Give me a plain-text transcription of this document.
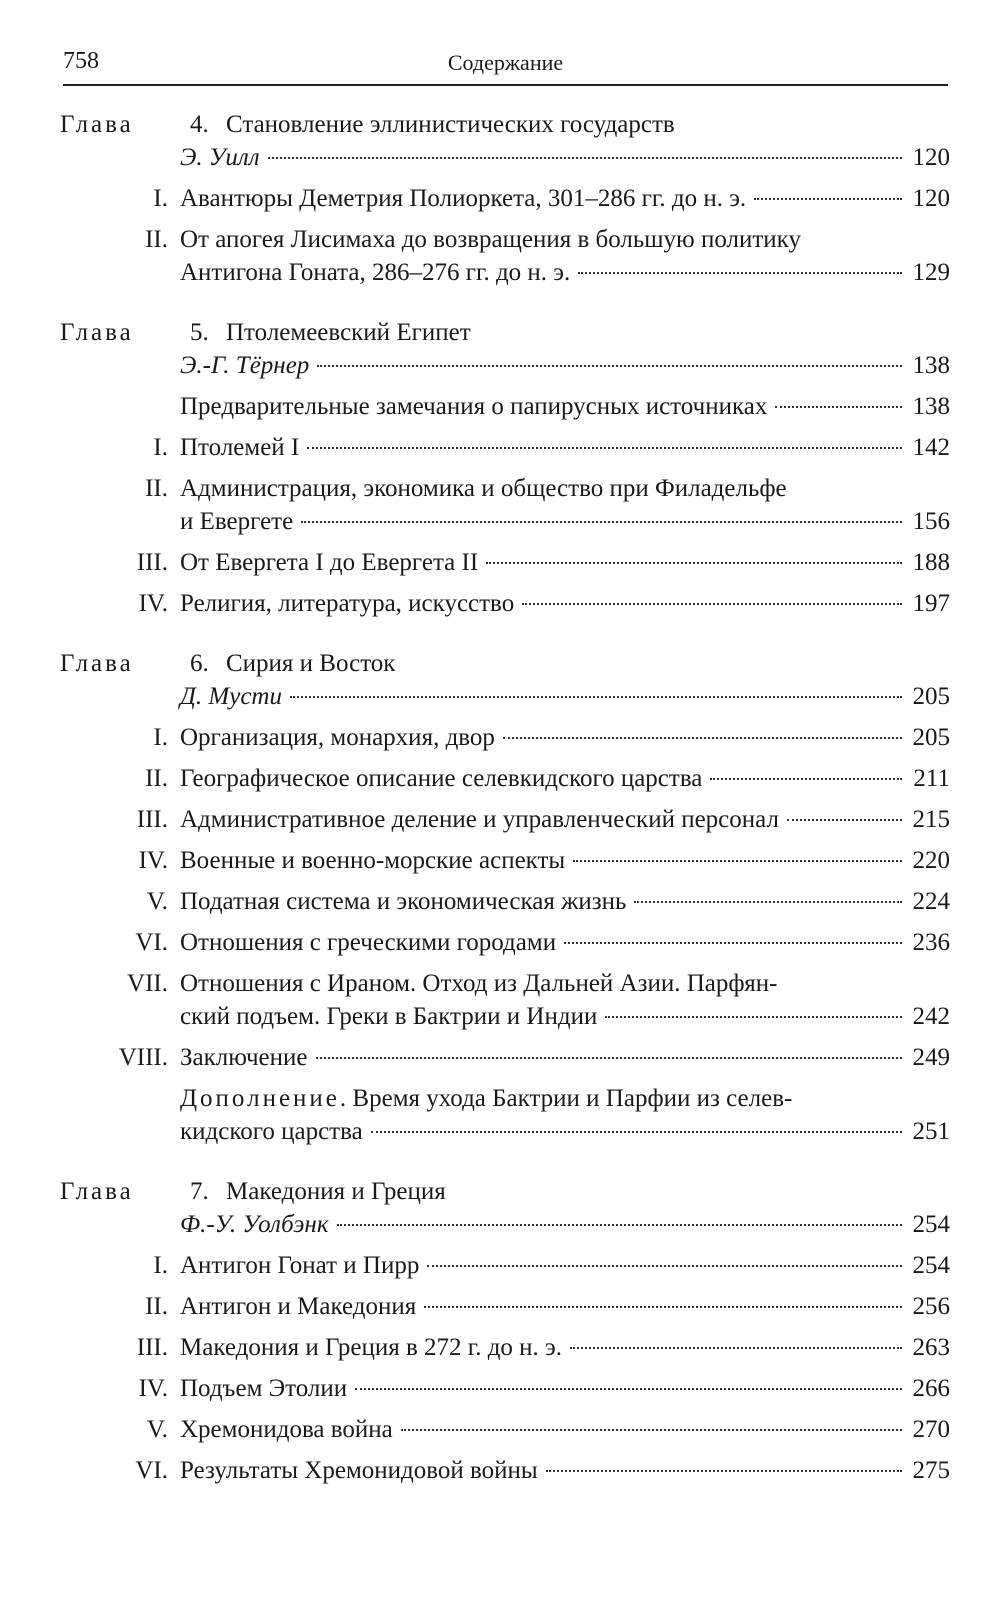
758	Содержание
Глава	4. Становление эллинистических государств
Э. Уилл	120
I. Авантюры Деметрия Полиоркета, 301–286 гг. до н. э.	120
II. От апогея Лисимаха до возвращения в большую политику
Антигона Гоната, 286–276 гг. до н. э.	129
Глава	5. Птолемеевский Египет
Э.-Г. Тёрнер	138
Предварительные замечания о папирусных источниках	138
I. Птолемей I	142
II. Администрация, экономика и общество при Филадельфе
и Евергете	156
III. От Евергета I до Евергета II	188
IV. Религия, литература, искусство	197
Глава	6. Сирия и Восток
Д. Мусти	205
I. Организация, монархия, двор	205
II. Географическое описание селевкидского царства	211
III. Административное деление и управленческий персонал	215
IV. Военные и военно-морские аспекты	220
V. Податная система и экономическая жизнь	224
VI. Отношения с греческими городами	236
VII. Отношения с Ираном. Отход из Дальней Азии. Парфян-
ский подъем. Греки в Бактрии и Индии	242
VIII. Заключение	249
Дополнение. Время ухода Бактрии и Парфии из селев-
кидского царства	251
Глава	7. Македония и Греция
Ф.-У. Уолбэнк	254
I. Антигон Гонат и Пирр	254
II. Антигон и Македония	256
III. Македония и Греция в 272 г. до н. э.	263
IV. Подъем Этолии	266
V. Хремонидова война	270
VI. Результаты Хремонидовой войны	275
